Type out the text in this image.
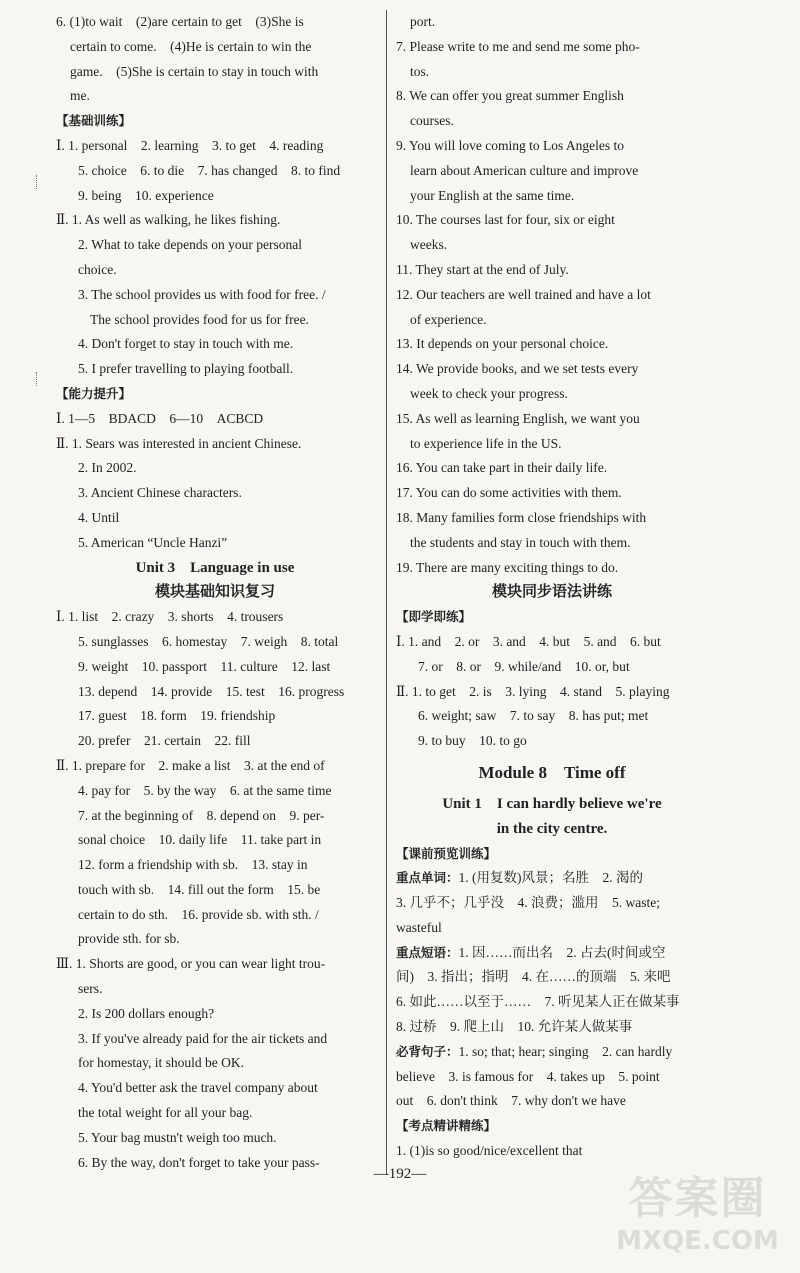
6. (1)to wait　(2)are certain to get　(3)She is

certain to come.　(4)He is certain to win the

game.　(5)She is certain to stay in touch with

me.

【基础训练】

Ⅰ. 1. personal　2. learning　3. to get　4. reading

5. choice　6. to die　7. has changed　8. to find

9. being　10. experience

Ⅱ. 1. As well as walking, he likes fishing.

2. What to take depends on your personal

choice.

3. The school provides us with food for free. /

The school provides food for us for free.

4. Don't forget to stay in touch with me.

5. I prefer travelling to playing football.

【能力提升】

Ⅰ. 1—5　BDACD　6—10　ACBCD

Ⅱ. 1. Sears was interested in ancient Chinese.

2. In 2002.

3. Ancient Chinese characters.

4. Until

5. American “Uncle Hanzi”

Unit 3　Language in use

模块基础知识复习

Ⅰ. 1. list　2. crazy　3. shorts　4. trousers

5. sunglasses　6. homestay　7. weigh　8. total

9. weight　10. passport　11. culture　12. last

13. depend　14. provide　15. test　16. progress

17. guest　18. form　19. friendship

20. prefer　21. certain　22. fill

Ⅱ. 1. prepare for　2. make a list　3. at the end of

4. pay for　5. by the way　6. at the same time

7. at the beginning of　8. depend on　9. per-

sonal choice　10. daily life　11. take part in

12. form a friendship with sb.　13. stay in

touch with sb.　14. fill out the form　15. be

certain to do sth.　16. provide sb. with sth. /

provide sth. for sb.

Ⅲ. 1. Shorts are good, or you can wear light trou-

sers.

2. Is 200 dollars enough?

3. If you've already paid for the air tickets and

for homestay, it should be OK.

4. You'd better ask the travel company about

the total weight for all your bag.

5. Your bag mustn't weigh too much.

6. By the way, don't forget to take your pass-

port.

7. Please write to me and send me some pho-

tos.

8. We can offer you great summer English

courses.

9. You will love coming to Los Angeles to

learn about American culture and improve

your English at the same time.

10. The courses last for four, six or eight

weeks.

11. They start at the end of July.

12. Our teachers are well trained and have a lot

of experience.

13. It depends on your personal choice.

14. We provide books, and we set tests every

week to check your progress.

15. As well as learning English, we want you

to experience life in the US.

16. You can take part in their daily life.

17. You can do some activities with them.

18. Many families form close friendships with

the students and stay in touch with them.

19. There are many exciting things to do.

模块同步语法讲练

【即学即练】

Ⅰ. 1. and　2. or　3. and　4. but　5. and　6. but

7. or　8. or　9. while/and　10. or, but

Ⅱ. 1. to get　2. is　3. lying　4. stand　5. playing

6. weight; saw　7. to say　8. has put; met

9. to buy　10. to go

Module 8　Time off

Unit 1　I can hardly believe we're

in the city centre.

【课前预览训练】

重点单词：1. (用复数)风景；名胜　2. 渴的

3. 几乎不；几乎没　4. 浪费；滥用　5. waste;

wasteful

重点短语：1. 因……而出名　2. 占去(时间或空

间)　3. 指出；指明　4. 在……的顶端　5. 来吧

6. 如此……以至于……　7. 听见某人正在做某事

8. 过桥　9. 爬上山　10. 允许某人做某事

必背句子：1. so; that; hear; singing　2. can hardly

believe　3. is famous for　4. takes up　5. point

out　6. don't think　7. why don't we have

【考点精讲精练】

1. (1)is so good/nice/excellent that

—192—	答案圈
MXQE.COM
